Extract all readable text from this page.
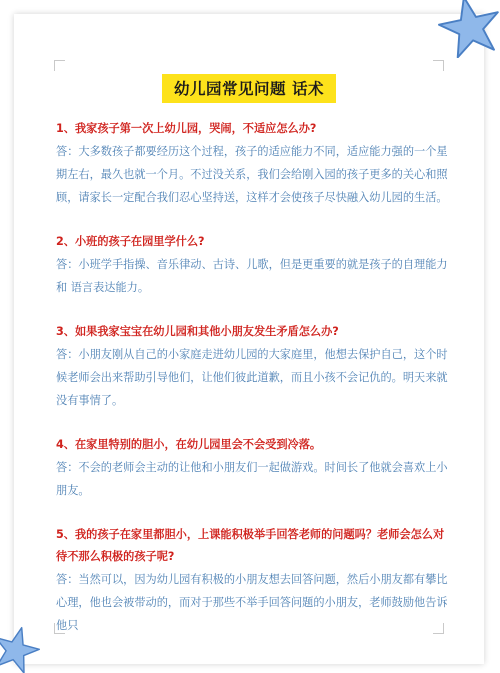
幼儿园常见问题 话术
1、我家孩子第一次上幼儿园，哭闹，不适应怎么办?
答：大多数孩子都要经历这个过程，孩子的适应能力不同，适应能力强的一个星期左右，最久也就一个月。不过没关系，我们会给刚入园的孩子更多的关心和照顾，请家长一定配合我们忍心坚持送，这样才会使孩子尽快融入幼儿园的生活。
2、小班的孩子在园里学什么?
答：小班学手指操、音乐律动、古诗、儿歌，但是更重要的就是孩子的自理能力和 语言表达能力。
3、如果我家宝宝在幼儿园和其他小朋友发生矛盾怎么办?
答：小朋友刚从自己的小家庭走进幼儿园的大家庭里，他想去保护自己，这个时候老师会出来帮助引导他们，让他们彼此道歉，而且小孩不会记仇的。明天来就没有事情了。
4、在家里特别的胆小，在幼儿园里会不会受到冷落。
答：不会的老师会主动的让他和小朋友们一起做游戏。时间长了他就会喜欢上小朋友。
5、我的孩子在家里都胆小，上课能积极举手回答老师的问题吗？老师会怎么对待不那么积极的孩子呢?
答：当然可以，因为幼儿园有积极的小朋友想去回答问题，然后小朋友都有攀比心理，他也会被带动的，而对于那些不举手回答问题的小朋友，老师鼓励他告诉他只
